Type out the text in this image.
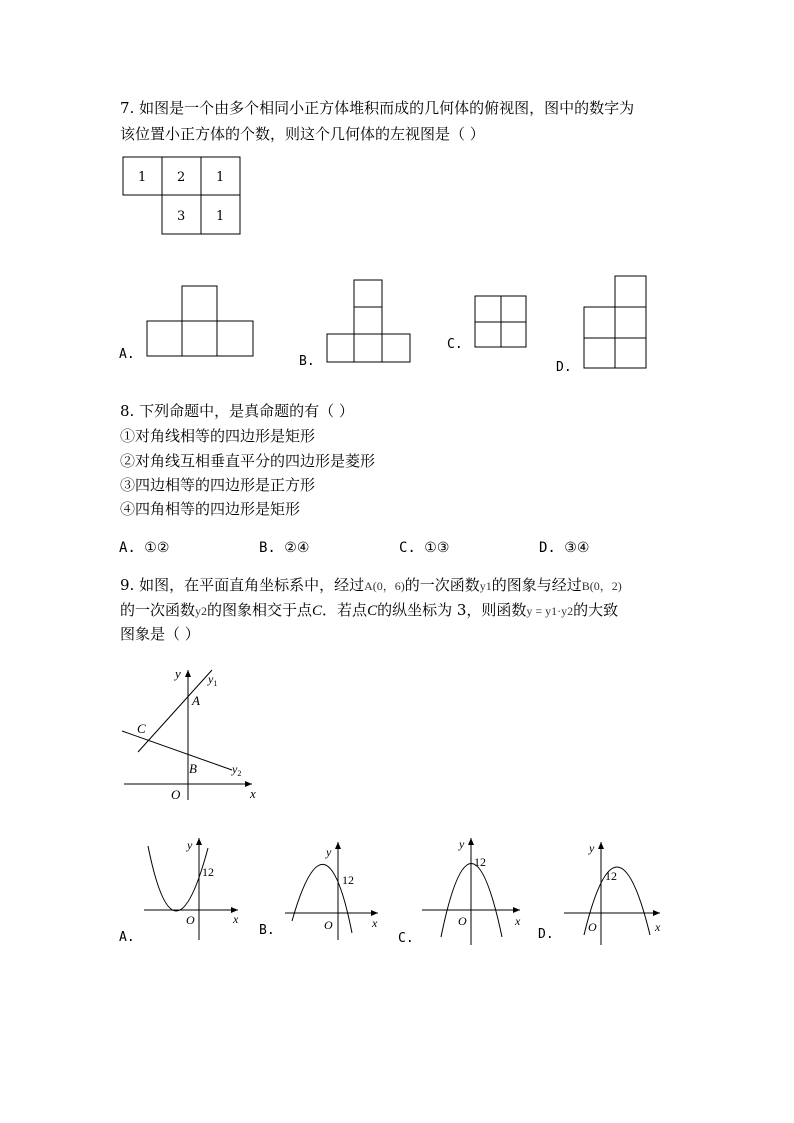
7. 如图是一个由多个相同小正方体堆积而成的几何体的俯视图，图中的数字为
该位置小正方体的个数，则这个几何体的左视图是（ ）
1 2 1
3 1
A.	B.
C.
D.
8. 下列命题中，是真命题的有（ ）
①对角线相等的四边形是矩形
②对角线互相垂直平分的四边形是菱形
③四边相等的四边形是正方形
④四角相等的四边形是矩形
A. ①②	B. ②④	C. ①③	D. ③④
9. 如图，在平面直角坐标系中，经过A(0，6)的一次函数y1的图象与经过B(0，2)
的一次函数y2的图象相交于点C．若点C的纵坐标为 3，则函数y = y1·y2的大致
图象是（ ）
y
x
O
A
B
C
$y_1$
$y_2$
y
x
O
12
y
x
O
12
y
x
O
12
y
x
O
12
A.	B.
C.	D.
